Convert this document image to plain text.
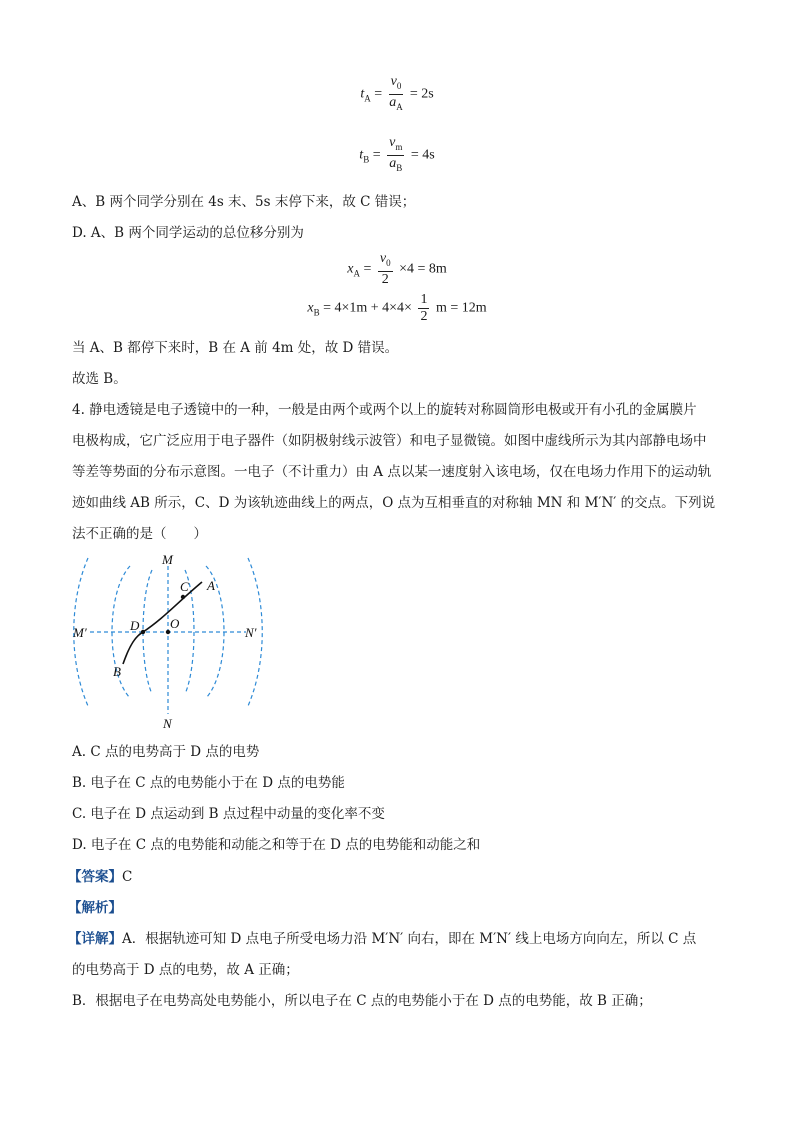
$t_A = \frac{v_0}{a_A} = 2s$
$t_B = \frac{v_m}{a_B} = 4s$
A、B 两个同学分别在 4s 末、5s 末停下来，故 C 错误；
D. A、B 两个同学运动的总位移分别为
$x_A = \frac{v_0}{2} \times 4 = 8m$
$x_B = 4\times 1m + 4\times 4\times \frac{1}{2}$ m = 12m
当 A、B 都停下来时，B 在 A 前 4m 处，故 D 错误。
故选 B。
4. 静电透镜是电子透镜中的一种，一般是由两个或两个以上的旋转对称圆筒形电极或开有小孔的金属膜片
电极构成，它广泛应用于电子器件（如阴极射线示波管）和电子显微镜。如图中虚线所示为其内部静电场中
等差等势面的分布示意图。一电子（不计重力）由 A 点以某一速度射入该电场，仅在电场力作用下的运动轨
迹如曲线 AB 所示，C、D 为该轨迹曲线上的两点，O 点为互相垂直的对称轴 MN 和 M′N′ 的交点。下列说
法不正确的是（　　）
M
N
M′	N′
A
B
C
D O
A. C 点的电势高于 D 点的电势
B. 电子在 C 点的电势能小于在 D 点的电势能
C. 电子在 D 点运动到 B 点过程中动量的变化率不变
D. 电子在 C 点的电势能和动能之和等于在 D 点的电势能和动能之和
【答案】C
【解析】
【详解】A．根据轨迹可知 D 点电子所受电场力沿 M′N′ 向右，即在 M′N′ 线上电场方向向左，所以 C 点
的电势高于 D 点的电势，故 A 正确；
B．根据电子在电势高处电势能小，所以电子在 C 点的电势能小于在 D 点的电势能，故 B 正确；
